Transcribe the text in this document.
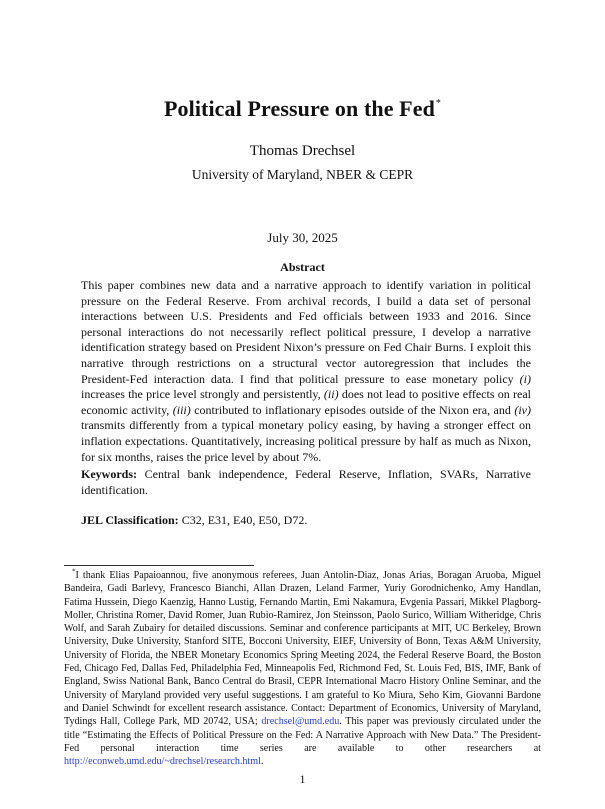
Political Pressure on the Fed*
Thomas Drechsel
University of Maryland, NBER & CEPR
July 30, 2025
Abstract
This paper combines new data and a narrative approach to identify variation in political pressure on the Federal Reserve. From archival records, I build a data set of personal interactions between U.S. Presidents and Fed officials between 1933 and 2016. Since personal interactions do not necessarily reflect political pressure, I develop a narrative identification strategy based on President Nixon’s pressure on Fed Chair Burns. I exploit this narrative through restrictions on a structural vector autoregression that includes the President-Fed interaction data. I find that political pressure to ease monetary policy (i) increases the price level strongly and persistently, (ii) does not lead to positive effects on real economic activity, (iii) contributed to inflationary episodes outside of the Nixon era, and (iv) transmits differently from a typical monetary policy easing, by having a stronger effect on inflation expectations. Quantitatively, increasing political pressure by half as much as Nixon, for six months, raises the price level by about 7%.
Keywords: Central bank independence, Federal Reserve, Inflation, SVARs, Narrative identification.
JEL Classification: C32, E31, E40, E50, D72.
*I thank Elias Papaioannou, five anonymous referees, Juan Antolin-Diaz, Jonas Arias, Boragan Aruoba, Miguel Bandeira, Gadi Barlevy, Francesco Bianchi, Allan Drazen, Leland Farmer, Yuriy Gorodnichenko, Amy Handlan, Fatima Hussein, Diego Kaenzig, Hanno Lustig, Fernando Martin, Emi Nakamura, Evgenia Passari, Mikkel Plagborg-Moller, Christina Romer, David Romer, Juan Rubio-Ramirez, Jon Steinsson, Paolo Surico, William Witheridge, Chris Wolf, and Sarah Zubairy for detailed discussions. Seminar and conference participants at MIT, UC Berkeley, Brown University, Duke University, Stanford SITE, Bocconi University, EIEF, University of Bonn, Texas A&M University, University of Florida, the NBER Monetary Economics Spring Meeting 2024, the Federal Reserve Board, the Boston Fed, Chicago Fed, Dallas Fed, Philadelphia Fed, Minneapolis Fed, Richmond Fed, St. Louis Fed, BIS, IMF, Bank of England, Swiss National Bank, Banco Central do Brasil, CEPR International Macro History Online Seminar, and the University of Maryland provided very useful suggestions. I am grateful to Ko Miura, Seho Kim, Giovanni Bardone and Daniel Schwindt for excellent research assistance. Contact: Department of Economics, University of Maryland, Tydings Hall, College Park, MD 20742, USA; drechsel@umd.edu. This paper was previously circulated under the title “Estimating the Effects of Political Pressure on the Fed: A Narrative Approach with New Data.” The President-Fed personal interaction time series are available to other researchers at http://econweb.umd.edu/~drechsel/research.html.
1
